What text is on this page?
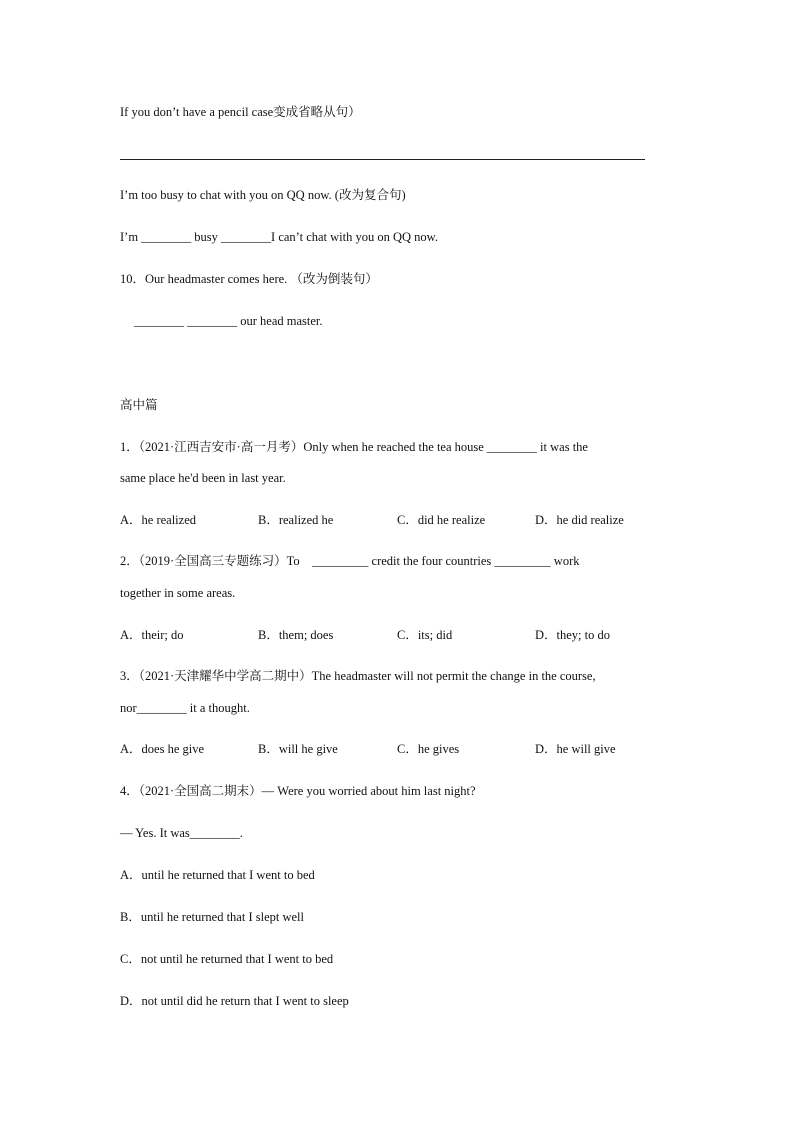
If you don’t have a pencil case变成省略从句）
I’m too busy to chat with you on QQ now. (改为复合句)
I’m ________ busy ________I can’t chat with you on QQ now.
10．Our headmaster comes here. （改为倒装句）
________ ________ our head master.
高中篇
1．（2021·江西吉安市·高一月考）Only when he reached the tea house ________ it was the
same place he'd been in last year.
A．he realized	B．realized he	C．did he realize	D．he did realize
2．（2019·全国高三专题练习）To    _________ credit the four countries _________ work
together in some areas.
A．their; do	B．them; does	C．its; did	D．they; to do
3．（2021·天津耀华中学高二期中）The headmaster will not permit the change in the course,
nor________ it a thought.
A．does he give	B．will he give	C．he gives	D．he will give
4．（2021·全国高二期末）— Were you worried about him last night?
— Yes. It was________.
A．until he returned that I went to bed
B．until he returned that I slept well
C．not until he returned that I went to bed
D．not until did he return that I went to sleep
